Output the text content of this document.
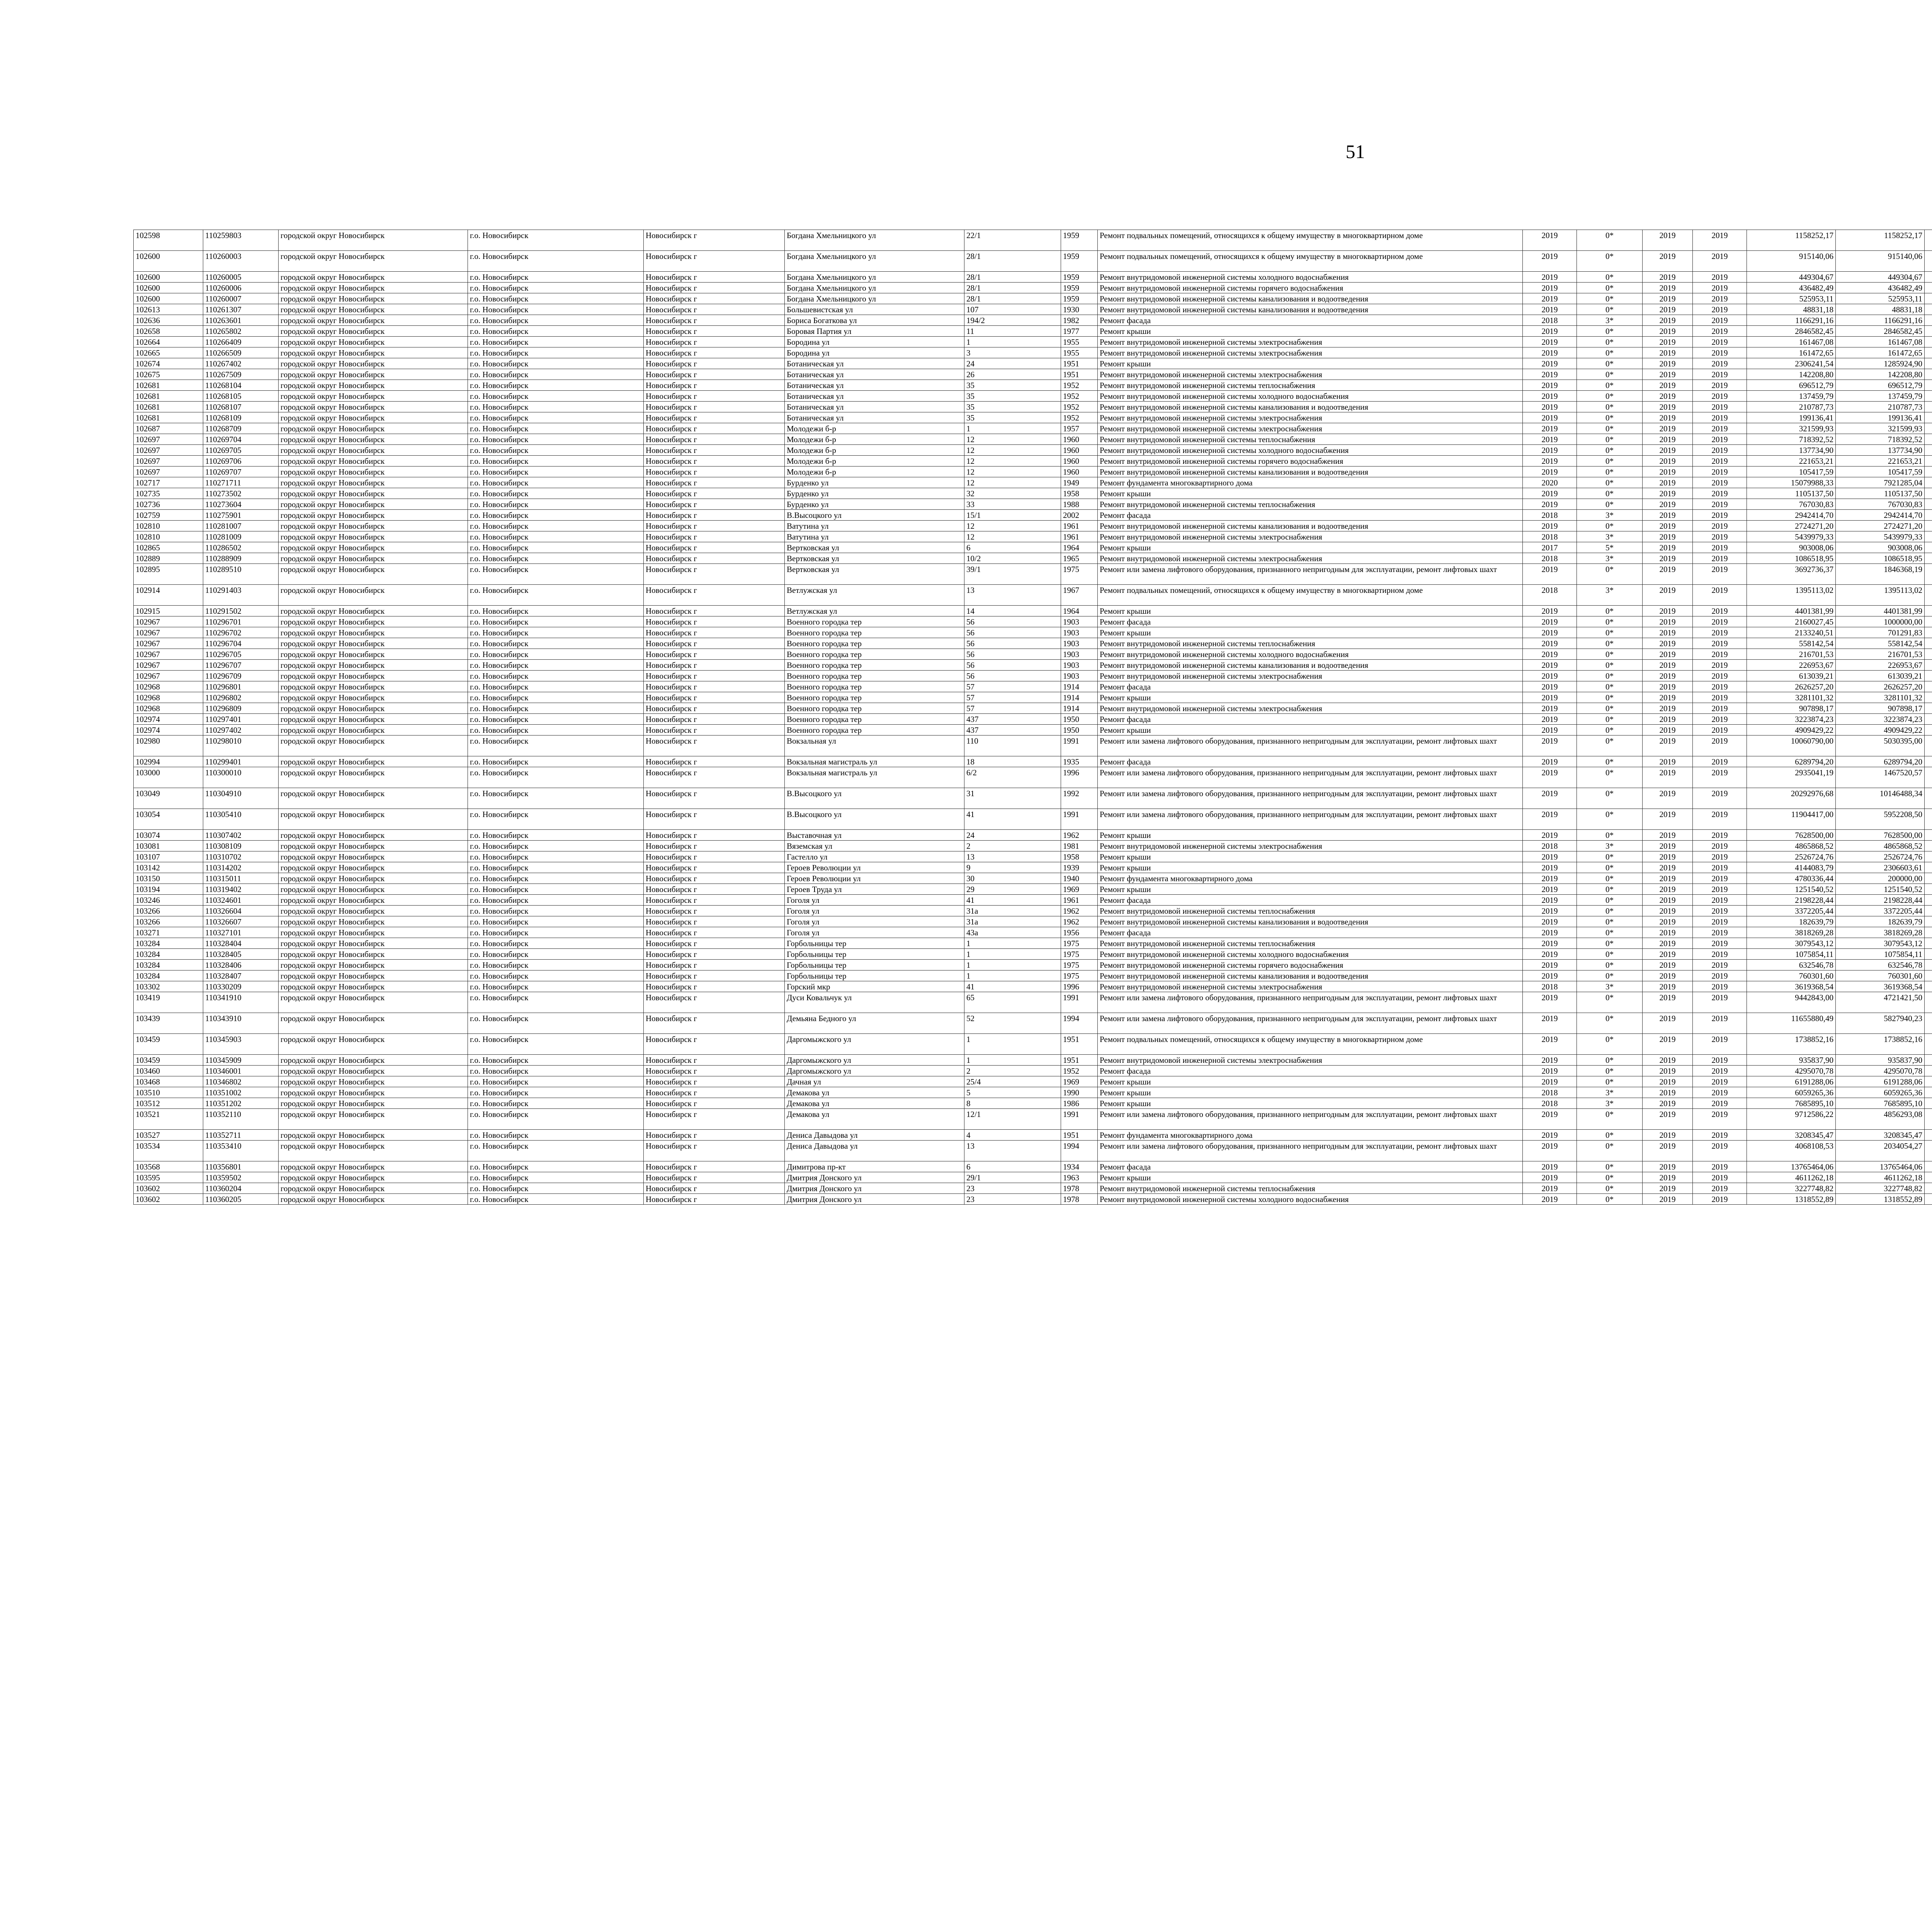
51
102598	110259803	городской округ Новосибирск	г.о. Новосибирск	Новосибирск г	Богдана Хмельницкого ул	22/1	1959	Ремонт подвальных помещений, относящихся к общему имуществу в многоквартирном доме	2019	0*	2019	2019	1158252,17	1158252,17										
102600	110260003	городской округ Новосибирск	г.о. Новосибирск	Новосибирск г	Богдана Хмельницкого ул	28/1	1959	Ремонт подвальных помещений, относящихся к общему имуществу в многоквартирном доме	2019	0*	2019	2019	915140,06	915140,06										
102600	110260005	городской округ Новосибирск	г.о. Новосибирск	Новосибирск г	Богдана Хмельницкого ул	28/1	1959	Ремонт внутридомовой инженерной системы холодного водоснабжения	2019	0*	2019	2019	449304,67	449304,67										
102600	110260006	городской округ Новосибирск	г.о. Новосибирск	Новосибирск г	Богдана Хмельницкого ул	28/1	1959	Ремонт внутридомовой инженерной системы горячего водоснабжения	2019	0*	2019	2019	436482,49	436482,49										
102600	110260007	городской округ Новосибирск	г.о. Новосибирск	Новосибирск г	Богдана Хмельницкого ул	28/1	1959	Ремонт внутридомовой инженерной системы канализования и водоотведения	2019	0*	2019	2019	525953,11	525953,11										
102613	110261307	городской округ Новосибирск	г.о. Новосибирск	Новосибирск г	Большевистская ул	107	1930	Ремонт внутридомовой инженерной системы канализования и водоотведения	2019	0*	2019	2019	48831,18	48831,18										
102636	110263601	городской округ Новосибирск	г.о. Новосибирск	Новосибирск г	Бориса Богаткова ул	194/2	1982	Ремонт фасада	2018	3*	2019	2019	1166291,16	1166291,16										
102658	110265802	городской округ Новосибирск	г.о. Новосибирск	Новосибирск г	Боровая Партия ул	11	1977	Ремонт крыши	2019	0*	2019	2019	2846582,45	2846582,45										
102664	110266409	городской округ Новосибирск	г.о. Новосибирск	Новосибирск г	Бородина ул	1	1955	Ремонт внутридомовой инженерной системы электроснабжения	2019	0*	2019	2019	161467,08	161467,08										
102665	110266509	городской округ Новосибирск	г.о. Новосибирск	Новосибирск г	Бородина ул	3	1955	Ремонт внутридомовой инженерной системы электроснабжения	2019	0*	2019	2019	161472,65	161472,65										
102674	110267402	городской округ Новосибирск	г.о. Новосибирск	Новосибирск г	Ботаническая ул	24	1951	Ремонт крыши	2019	0*	2019	2019	2306241,54	1285924,90										
102675	110267509	городской округ Новосибирск	г.о. Новосибирск	Новосибирск г	Ботаническая ул	26	1951	Ремонт внутридомовой инженерной системы электроснабжения	2019	0*	2019	2019	142208,80	142208,80										
102681	110268104	городской округ Новосибирск	г.о. Новосибирск	Новосибирск г	Ботаническая ул	35	1952	Ремонт внутридомовой инженерной системы теплоснабжения	2019	0*	2019	2019	696512,79	696512,79										
102681	110268105	городской округ Новосибирск	г.о. Новосибирск	Новосибирск г	Ботаническая ул	35	1952	Ремонт внутридомовой инженерной системы холодного водоснабжения	2019	0*	2019	2019	137459,79	137459,79										
102681	110268107	городской округ Новосибирск	г.о. Новосибирск	Новосибирск г	Ботаническая ул	35	1952	Ремонт внутридомовой инженерной системы канализования и водоотведения	2019	0*	2019	2019	210787,73	210787,73										
102681	110268109	городской округ Новосибирск	г.о. Новосибирск	Новосибирск г	Ботаническая ул	35	1952	Ремонт внутридомовой инженерной системы электроснабжения	2019	0*	2019	2019	199136,41	199136,41										
102687	110268709	городской округ Новосибирск	г.о. Новосибирск	Новосибирск г	Молодежи б-р	1	1957	Ремонт внутридомовой инженерной системы электроснабжения	2019	0*	2019	2019	321599,93	321599,93										
102697	110269704	городской округ Новосибирск	г.о. Новосибирск	Новосибирск г	Молодежи б-р	12	1960	Ремонт внутридомовой инженерной системы теплоснабжения	2019	0*	2019	2019	718392,52	718392,52										
102697	110269705	городской округ Новосибирск	г.о. Новосибирск	Новосибирск г	Молодежи б-р	12	1960	Ремонт внутридомовой инженерной системы холодного водоснабжения	2019	0*	2019	2019	137734,90	137734,90										
102697	110269706	городской округ Новосибирск	г.о. Новосибирск	Новосибирск г	Молодежи б-р	12	1960	Ремонт внутридомовой инженерной системы горячего водоснабжения	2019	0*	2019	2019	221653,21	221653,21										
102697	110269707	городской округ Новосибирск	г.о. Новосибирск	Новосибирск г	Молодежи б-р	12	1960	Ремонт внутридомовой инженерной системы канализования и водоотведения	2019	0*	2019	2019	105417,59	105417,59										
102717	110271711	городской округ Новосибирск	г.о. Новосибирск	Новосибирск г	Бурденко ул	12	1949	Ремонт фундамента многоквартирного дома	2020	0*	2019	2019	15079988,33	7921285,04										
102735	110273502	городской округ Новосибирск	г.о. Новосибирск	Новосибирск г	Бурденко ул	32	1958	Ремонт крыши	2019	0*	2019	2019	1105137,50	1105137,50										
102736	110273604	городской округ Новосибирск	г.о. Новосибирск	Новосибирск г	Бурденко ул	33	1988	Ремонт внутридомовой инженерной системы теплоснабжения	2019	0*	2019	2019	767030,83	767030,83										
102759	110275901	городской округ Новосибирск	г.о. Новосибирск	Новосибирск г	В.Высоцкого ул	15/1	2002	Ремонт фасада	2018	3*	2019	2019	2942414,70	2942414,70										
102810	110281007	городской округ Новосибирск	г.о. Новосибирск	Новосибирск г	Ватутина ул	12	1961	Ремонт внутридомовой инженерной системы канализования и водоотведения	2019	0*	2019	2019	2724271,20	2724271,20										
102810	110281009	городской округ Новосибирск	г.о. Новосибирск	Новосибирск г	Ватутина ул	12	1961	Ремонт внутридомовой инженерной системы электроснабжения	2018	3*	2019	2019	5439979,33	5439979,33										
102865	110286502	городской округ Новосибирск	г.о. Новосибирск	Новосибирск г	Вертковская ул	6	1964	Ремонт крыши	2017	5*	2019	2019	903008,06	903008,06										
102889	110288909	городской округ Новосибирск	г.о. Новосибирск	Новосибирск г	Вертковская ул	10/2	1965	Ремонт внутридомовой инженерной системы электроснабжения	2018	3*	2019	2019	1086518,95	1086518,95										
102895	110289510	городской округ Новосибирск	г.о. Новосибирск	Новосибирск г	Вертковская ул	39/1	1975	Ремонт или замена лифтового оборудования, признанного непригодным для эксплуатации, ремонт лифтовых шахт	2019	0*	2019	2019	3692736,37	1846368,19										
102914	110291403	городской округ Новосибирск	г.о. Новосибирск	Новосибирск г	Ветлужская ул	13	1967	Ремонт подвальных помещений, относящихся к общему имуществу в многоквартирном доме	2018	3*	2019	2019	1395113,02	1395113,02										
102915	110291502	городской округ Новосибирск	г.о. Новосибирск	Новосибирск г	Ветлужская ул	14	1964	Ремонт крыши	2019	0*	2019	2019	4401381,99	4401381,99										
102967	110296701	городской округ Новосибирск	г.о. Новосибирск	Новосибирск г	Военного городка тер	56	1903	Ремонт фасада	2019	0*	2019	2019	2160027,45	1000000,00										
102967	110296702	городской округ Новосибирск	г.о. Новосибирск	Новосибирск г	Военного городка тер	56	1903	Ремонт крыши	2019	0*	2019	2019	2133240,51	701291,83										
102967	110296704	городской округ Новосибирск	г.о. Новосибирск	Новосибирск г	Военного городка тер	56	1903	Ремонт внутридомовой инженерной системы теплоснабжения	2019	0*	2019	2019	558142,54	558142,54										
102967	110296705	городской округ Новосибирск	г.о. Новосибирск	Новосибирск г	Военного городка тер	56	1903	Ремонт внутридомовой инженерной системы холодного водоснабжения	2019	0*	2019	2019	216701,53	216701,53										
102967	110296707	городской округ Новосибирск	г.о. Новосибирск	Новосибирск г	Военного городка тер	56	1903	Ремонт внутридомовой инженерной системы канализования и водоотведения	2019	0*	2019	2019	226953,67	226953,67										
102967	110296709	городской округ Новосибирск	г.о. Новосибирск	Новосибирск г	Военного городка тер	56	1903	Ремонт внутридомовой инженерной системы электроснабжения	2019	0*	2019	2019	613039,21	613039,21										
102968	110296801	городской округ Новосибирск	г.о. Новосибирск	Новосибирск г	Военного городка тер	57	1914	Ремонт фасада	2019	0*	2019	2019	2626257,20	2626257,20										
102968	110296802	городской округ Новосибирск	г.о. Новосибирск	Новосибирск г	Военного городка тер	57	1914	Ремонт крыши	2019	0*	2019	2019	3281101,32	3281101,32										
102968	110296809	городской округ Новосибирск	г.о. Новосибирск	Новосибирск г	Военного городка тер	57	1914	Ремонт внутридомовой инженерной системы электроснабжения	2019	0*	2019	2019	907898,17	907898,17										
102974	110297401	городской округ Новосибирск	г.о. Новосибирск	Новосибирск г	Военного городка тер	437	1950	Ремонт фасада	2019	0*	2019	2019	3223874,23	3223874,23										
102974	110297402	городской округ Новосибирск	г.о. Новосибирск	Новосибирск г	Военного городка тер	437	1950	Ремонт крыши	2019	0*	2019	2019	4909429,22	4909429,22										
102980	110298010	городской округ Новосибирск	г.о. Новосибирск	Новосибирск г	Вокзальная ул	110	1991	Ремонт или замена лифтового оборудования, признанного непригодным для эксплуатации, ремонт лифтовых шахт	2019	0*	2019	2019	10060790,00	5030395,00										
102994	110299401	городской округ Новосибирск	г.о. Новосибирск	Новосибирск г	Вокзальная магистраль ул	18	1935	Ремонт фасада	2019	0*	2019	2019	6289794,20	6289794,20										
103000	110300010	городской округ Новосибирск	г.о. Новосибирск	Новосибирск г	Вокзальная магистраль ул	6/2	1996	Ремонт или замена лифтового оборудования, признанного непригодным для эксплуатации, ремонт лифтовых шахт	2019	0*	2019	2019	2935041,19	1467520,57										
103049	110304910	городской округ Новосибирск	г.о. Новосибирск	Новосибирск г	В.Высоцкого ул	31	1992	Ремонт или замена лифтового оборудования, признанного непригодным для эксплуатации, ремонт лифтовых шахт	2019	0*	2019	2019	20292976,68	10146488,34										
103054	110305410	городской округ Новосибирск	г.о. Новосибирск	Новосибирск г	В.Высоцкого ул	41	1991	Ремонт или замена лифтового оборудования, признанного непригодным для эксплуатации, ремонт лифтовых шахт	2019	0*	2019	2019	11904417,00	5952208,50										
103074	110307402	городской округ Новосибирск	г.о. Новосибирск	Новосибирск г	Выставочная ул	24	1962	Ремонт крыши	2019	0*	2019	2019	7628500,00	7628500,00										
103081	110308109	городской округ Новосибирск	г.о. Новосибирск	Новосибирск г	Вяземская ул	2	1981	Ремонт внутридомовой инженерной системы электроснабжения	2018	3*	2019	2019	4865868,52	4865868,52										
103107	110310702	городской округ Новосибирск	г.о. Новосибирск	Новосибирск г	Гастелло ул	13	1958	Ремонт крыши	2019	0*	2019	2019	2526724,76	2526724,76										
103142	110314202	городской округ Новосибирск	г.о. Новосибирск	Новосибирск г	Героев Революции ул	9	1939	Ремонт крыши	2019	0*	2019	2019	4144083,79	2306603,61										
103150	110315011	городской округ Новосибирск	г.о. Новосибирск	Новосибирск г	Героев Революции ул	30	1940	Ремонт фундамента многоквартирного дома	2019	0*	2019	2019	4780336,44	200000,00										
103194	110319402	городской округ Новосибирск	г.о. Новосибирск	Новосибирск г	Героев Труда ул	29	1969	Ремонт крыши	2019	0*	2019	2019	1251540,52	1251540,52										
103246	110324601	городской округ Новосибирск	г.о. Новосибирск	Новосибирск г	Гоголя ул	41	1961	Ремонт фасада	2019	0*	2019	2019	2198228,44	2198228,44										
103266	110326604	городской округ Новосибирск	г.о. Новосибирск	Новосибирск г	Гоголя ул	31а	1962	Ремонт внутридомовой инженерной системы теплоснабжения	2019	0*	2019	2019	3372205,44	3372205,44										
103266	110326607	городской округ Новосибирск	г.о. Новосибирск	Новосибирск г	Гоголя ул	31а	1962	Ремонт внутридомовой инженерной системы канализования и водоотведения	2019	0*	2019	2019	182639,79	182639,79										
103271	110327101	городской округ Новосибирск	г.о. Новосибирск	Новосибирск г	Гоголя ул	43а	1956	Ремонт фасада	2019	0*	2019	2019	3818269,28	3818269,28										
103284	110328404	городской округ Новосибирск	г.о. Новосибирск	Новосибирск г	Горбольницы тер	1	1975	Ремонт внутридомовой инженерной системы теплоснабжения	2019	0*	2019	2019	3079543,12	3079543,12										
103284	110328405	городской округ Новосибирск	г.о. Новосибирск	Новосибирск г	Горбольницы тер	1	1975	Ремонт внутридомовой инженерной системы холодного водоснабжения	2019	0*	2019	2019	1075854,11	1075854,11										
103284	110328406	городской округ Новосибирск	г.о. Новосибирск	Новосибирск г	Горбольницы тер	1	1975	Ремонт внутридомовой инженерной системы горячего водоснабжения	2019	0*	2019	2019	632546,78	632546,78										
103284	110328407	городской округ Новосибирск	г.о. Новосибирск	Новосибирск г	Горбольницы тер	1	1975	Ремонт внутридомовой инженерной системы канализования и водоотведения	2019	0*	2019	2019	760301,60	760301,60										
103302	110330209	городской округ Новосибирск	г.о. Новосибирск	Новосибирск г	Горский мкр	41	1996	Ремонт внутридомовой инженерной системы электроснабжения	2018	3*	2019	2019	3619368,54	3619368,54										
103419	110341910	городской округ Новосибирск	г.о. Новосибирск	Новосибирск г	Дуси Ковальчук ул	65	1991	Ремонт или замена лифтового оборудования, признанного непригодным для эксплуатации, ремонт лифтовых шахт	2019	0*	2019	2019	9442843,00	4721421,50										
103439	110343910	городской округ Новосибирск	г.о. Новосибирск	Новосибирск г	Демьяна Бедного ул	52	1994	Ремонт или замена лифтового оборудования, признанного непригодным для эксплуатации, ремонт лифтовых шахт	2019	0*	2019	2019	11655880,49	5827940,23										
103459	110345903	городской округ Новосибирск	г.о. Новосибирск	Новосибирск г	Даргомыжского ул	1	1951	Ремонт подвальных помещений, относящихся к общему имуществу в многоквартирном доме	2019	0*	2019	2019	1738852,16	1738852,16										
103459	110345909	городской округ Новосибирск	г.о. Новосибирск	Новосибирск г	Даргомыжского ул	1	1951	Ремонт внутридомовой инженерной системы электроснабжения	2019	0*	2019	2019	935837,90	935837,90										
103460	110346001	городской округ Новосибирск	г.о. Новосибирск	Новосибирск г	Даргомыжского ул	2	1952	Ремонт фасада	2019	0*	2019	2019	4295070,78	4295070,78										
103468	110346802	городской округ Новосибирск	г.о. Новосибирск	Новосибирск г	Дачная ул	25/4	1969	Ремонт крыши	2019	0*	2019	2019	6191288,06	6191288,06										
103510	110351002	городской округ Новосибирск	г.о. Новосибирск	Новосибирск г	Демакова ул	5	1990	Ремонт крыши	2018	3*	2019	2019	6059265,36	6059265,36										
103512	110351202	городской округ Новосибирск	г.о. Новосибирск	Новосибирск г	Демакова ул	8	1986	Ремонт крыши	2018	3*	2019	2019	7685895,10	7685895,10										
103521	110352110	городской округ Новосибирск	г.о. Новосибирск	Новосибирск г	Демакова ул	12/1	1991	Ремонт или замена лифтового оборудования, признанного непригодным для эксплуатации, ремонт лифтовых шахт	2019	0*	2019	2019	9712586,22	4856293,08										
103527	110352711	городской округ Новосибирск	г.о. Новосибирск	Новосибирск г	Дениса Давыдова ул	4	1951	Ремонт фундамента многоквартирного дома	2019	0*	2019	2019	3208345,47	3208345,47										
103534	110353410	городской округ Новосибирск	г.о. Новосибирск	Новосибирск г	Дениса Давыдова ул	13	1994	Ремонт или замена лифтового оборудования, признанного непригодным для эксплуатации, ремонт лифтовых шахт	2019	0*	2019	2019	4068108,53	2034054,27										
103568	110356801	городской округ Новосибирск	г.о. Новосибирск	Новосибирск г	Димитрова пр-кт	6	1934	Ремонт фасада	2019	0*	2019	2019	13765464,06	13765464,06										
103595	110359502	городской округ Новосибирск	г.о. Новосибирск	Новосибирск г	Дмитрия Донского ул	29/1	1963	Ремонт крыши	2019	0*	2019	2019	4611262,18	4611262,18										
103602	110360204	городской округ Новосибирск	г.о. Новосибирск	Новосибирск г	Дмитрия Донского ул	23	1978	Ремонт внутридомовой инженерной системы теплоснабжения	2019	0*	2019	2019	3227748,82	3227748,82										
103602	110360205	городской округ Новосибирск	г.о. Новосибирск	Новосибирск г	Дмитрия Донского ул	23	1978	Ремонт внутридомовой инженерной системы холодного водоснабжения	2019	0*	2019	2019	1318552,89	1318552,89										
